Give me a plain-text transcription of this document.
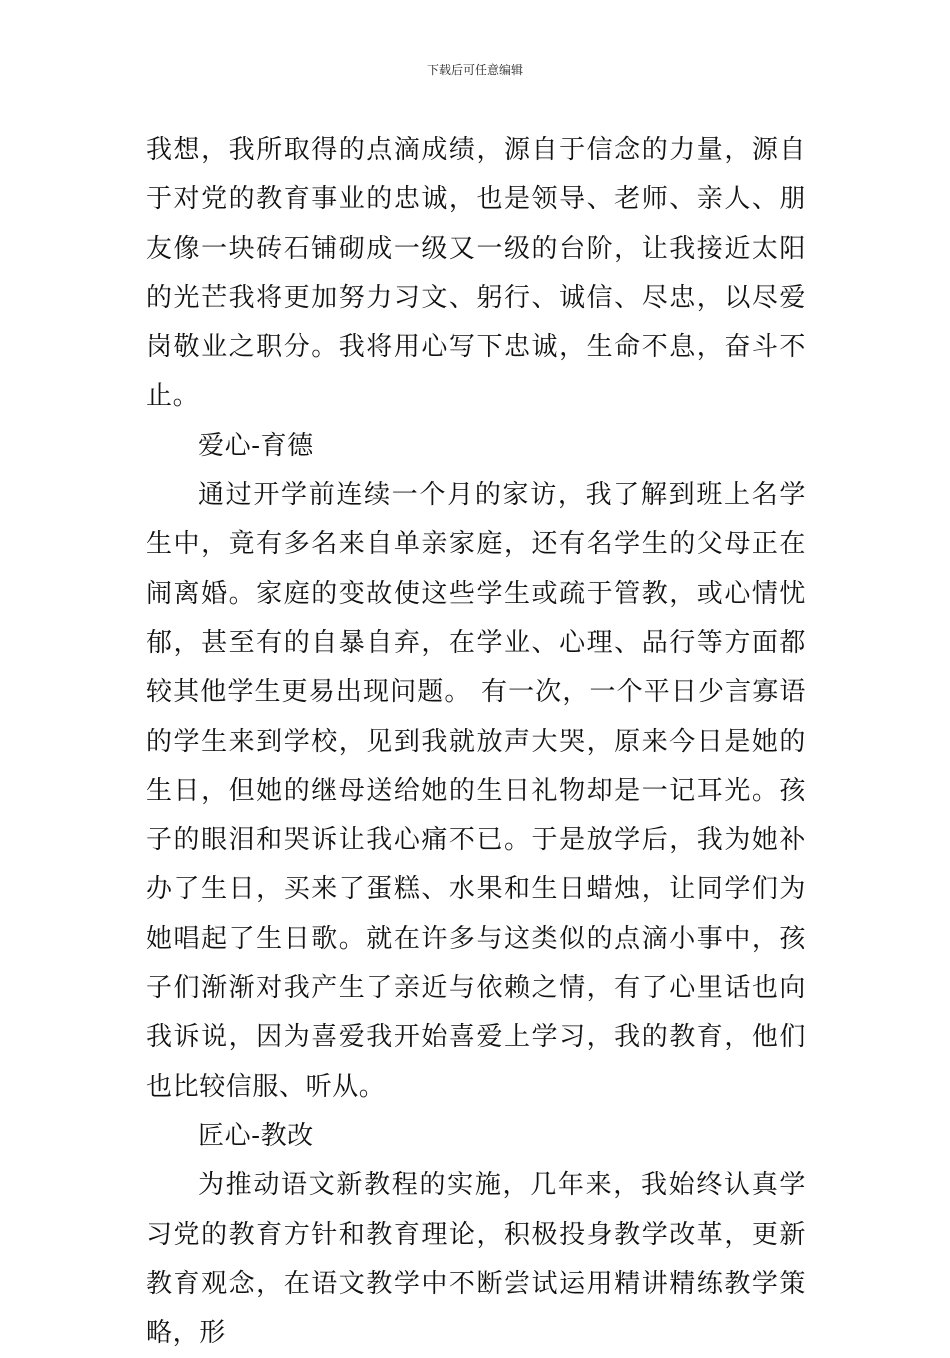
下载后可任意编辑

我想，我所取得的点滴成绩，源自于信念的力量，源自于对党的教育事业的忠诚，也是领导、老师、亲人、朋友像一块砖石铺砌成一级又一级的台阶，让我接近太阳的光芒我将更加努力习文、躬行、诚信、尽忠，以尽爱岗敬业之职分。我将用心写下忠诚，生命不息，奋斗不止。

爱心-育德

通过开学前连续一个月的家访，我了解到班上名学生中，竟有多名来自单亲家庭，还有名学生的父母正在闹离婚。家庭的变故使这些学生或疏于管教，或心情忧郁，甚至有的自暴自弃，在学业、心理、品行等方面都较其他学生更易出现问题。 有一次，一个平日少言寡语的学生来到学校，见到我就放声大哭，原来今日是她的生日，但她的继母送给她的生日礼物却是一记耳光。孩子的眼泪和哭诉让我心痛不已。于是放学后，我为她补办了生日，买来了蛋糕、水果和生日蜡烛，让同学们为她唱起了生日歌。就在许多与这类似的点滴小事中，孩子们渐渐对我产生了亲近与依赖之情，有了心里话也向我诉说，因为喜爱我开始喜爱上学习，我的教育，他们也比较信服、听从。

匠心-教改

为推动语文新教程的实施，几年来，我始终认真学习党的教育方针和教育理论，积极投身教学改革，更新教育观念，在语文教学中不断尝试运用精讲精练教学策略，形
